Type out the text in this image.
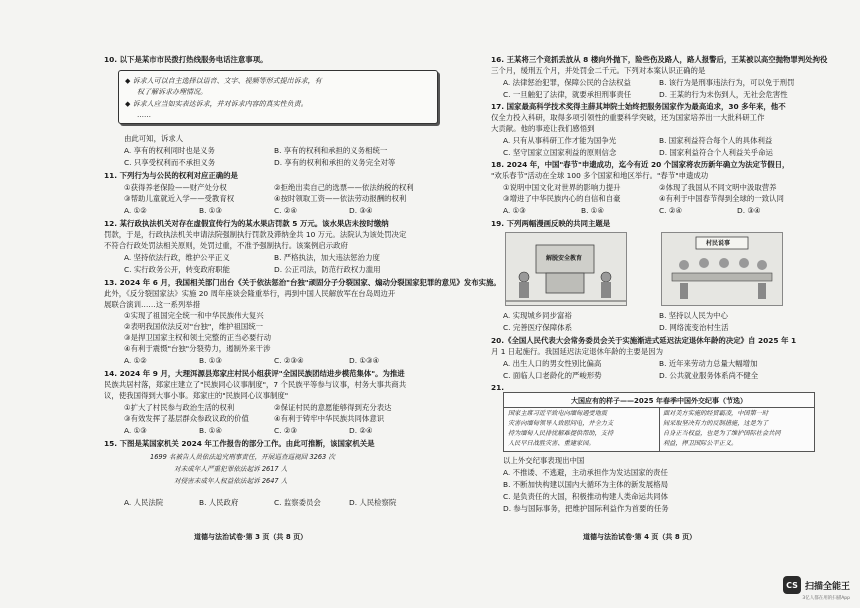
10. 以下是某市市民拨打热线服务电话注意事项。

◆ 诉求人可以自主选择以语音、文字、视频等形式提出诉求，有
权了解诉求办理情况。
◆ 诉求人应当如实表达诉求，并对诉求内容的真实性负责。
……
由此可知，诉求人
A. 享有的权利同时也是义务	B. 享有的权利和承担的义务相统一
C. 只享受权利而不承担义务	D. 享有的权利和承担的义务完全对等
11. 下列行为与公民的权利对应正确的是
①获得养老保险——财产处分权	②拒绝出卖自己的选票——依法纳税的权利
③帮助儿童就近入学——受教育权	④按时领取工资——依法劳动报酬的权利
A. ①②	B. ①③	C. ②④	D. ③④
12. 某行政执法机关对存在虚假宣传行为的某水果店罚款 5 万元。该水果店未按时缴纳
罚款，于是，行政执法机关申请法院强制执行罚款及滞纳金共 10 万元。法院认为该处罚决定
不符合行政处罚法相关原则，处罚过重，不准予强制执行。该案例启示政府
A. 坚持依法行政，维护公平正义	B. 严格执法，加大违法惩治力度
C. 实行政务公开，转变政府职能	D. 公正司法，防范行政权力滥用
13. 2024 年 6 月，我国相关部门出台《关于依法惩治"台独"顽固分子分裂国家、煽动分裂国家犯罪的意见》发布实施。
此外，《反分裂国家法》实施 20 周年座谈会隆重举行，再到中国人民解放军在台岛周边开
展联合演训……这一系列举措
①实现了祖国完全统一和中华民族伟大复兴
②表明我国依法反对"台独"，维护祖国统一
③是捍卫国家主权和领土完整的正当必要行动
④有利于震慑"台独"分裂势力，遏制外来干涉
A. ①②	B. ①③	C. ②③④	D. ①③④
14. 2024 年 9 月，大理洱源县郑家庄村民小组获评"全国民族团结进步模范集体"。为推进
民族共居村落，郑家庄建立了"民族同心议事制度"，7 个民族平等参与议事，村务大事共商共
议，使我国得到大事小事。郑家庄的"民族同心议事制度"
①扩大了村民参与政治生活的权利	②保证村民的意愿能够得到充分表达
③有效发挥了基层群众参政议政的价值	④有利于铸牢中华民族共同体意识
A. ①③	B. ①④	C. ②③	D. ②④
15. 下图是某国家机关 2024 年工作报告的部分工作。由此可推断，该国家机关是
1699 名被告人员依法追究刑事责任，开展巡查巡视回 3263 次
对未成年人严重犯罪依法起诉 2617 人
对侵害未成年人权益依法起诉 2647 人
A. 人民法院	B. 人民政府	C. 监察委员会	D. 人民检察院
道德与法治试卷·第 3 页（共 8 页）
16. 王某将三个竞抓丢放从 8 楼向外抛下，险些伤及路人，路人报警后，王某被以高空抛物罪判处拘役
三个月，缓刑五个月，并处罚金二千元。下列对本案认识正确的是
A. 法律惩治犯罪，保障公民的合法权益	B. 该行为是刑事违法行为，可以免于刑罚
C. 一旦触犯了法律，就要承担刑事责任	D. 王某的行为未伤到人，无社会危害性
17. 国家最高科学技术奖得主薛其坤院士始终把服务国家作为最高追求，30 多年来，他不
仅全力投入科研，取得多项引领性的重要科学突破，还为国家培养出一大批科研工作
大贡献。他的事迹让我们感悟到
A. 只有从事科研工作才能为国争光	B. 国家利益符合每个人的具体利益
C. 坚守国家立国家利益的原则信念	D. 国家利益符合个人利益关乎命运
18. 2024 年，中国"春节"申遗成功，迄今有近 20 个国家将农历新年确立为法定节假日，
"欢乐春节"活动在全球 100 多个国家和地区举行。"春节"申遗成功
①说明中国文化对世界的影响力提升	②体现了我国从不同文明中汲取营养
③增进了中华民族内心的自信和自豪	④有利于中国春节得到全球的一致认同
A. ①③	B. ①④	C. ②④	D. ③④
19. 下列两幅漫画反映的共同主题是
解脱安全教育
村民说事
A. 实现城乡同步富裕	B. 坚持以人民为中心
C. 完善医疗保障体系	D. 网络流变治村生活
20.《全国人民代表大会常务委员会关于实施渐进式延迟法定退休年龄的决定》自 2025 年 1
月 1 日起施行。我国延迟法定退休年龄的主要是因为
A. 出生人口的男女性别比偏高	B. 近年来劳动力总量大幅增加
C. 面临人口老龄化的严峻形势	D. 公共就业服务体系尚不健全
21.
大国应有的样子——2025 年春季中国外交纪事（节选）
国家主席习近平致电向缅甸遇受地震
灾害向缅甸领导人致慰问电，并全力支
持为缅甸人民排忧解难提供帮助，支持
人民早日战胜灾害、重建家园。
面对美方实施的经贸霸凌，中国第一时
间采取坚决有力的反制措施，这是为了
自身正当权益，也是为了维护国际社会共同
利益，捍卫国际公平正义。
以上外交纪事表现出中国
A. 不推诿、不逃避，主动承担作为发达国家的责任
B. 不断加快构建以国内大循环为主体的新发展格局
C. 是负责任的大国，积极推动构建人类命运共同体
D. 参与国际事务，把维护国际利益作为首要的任务
道德与法治试卷·第 4 页（共 8 页）
CS 扫描全能王
3亿人都在用的扫描App
